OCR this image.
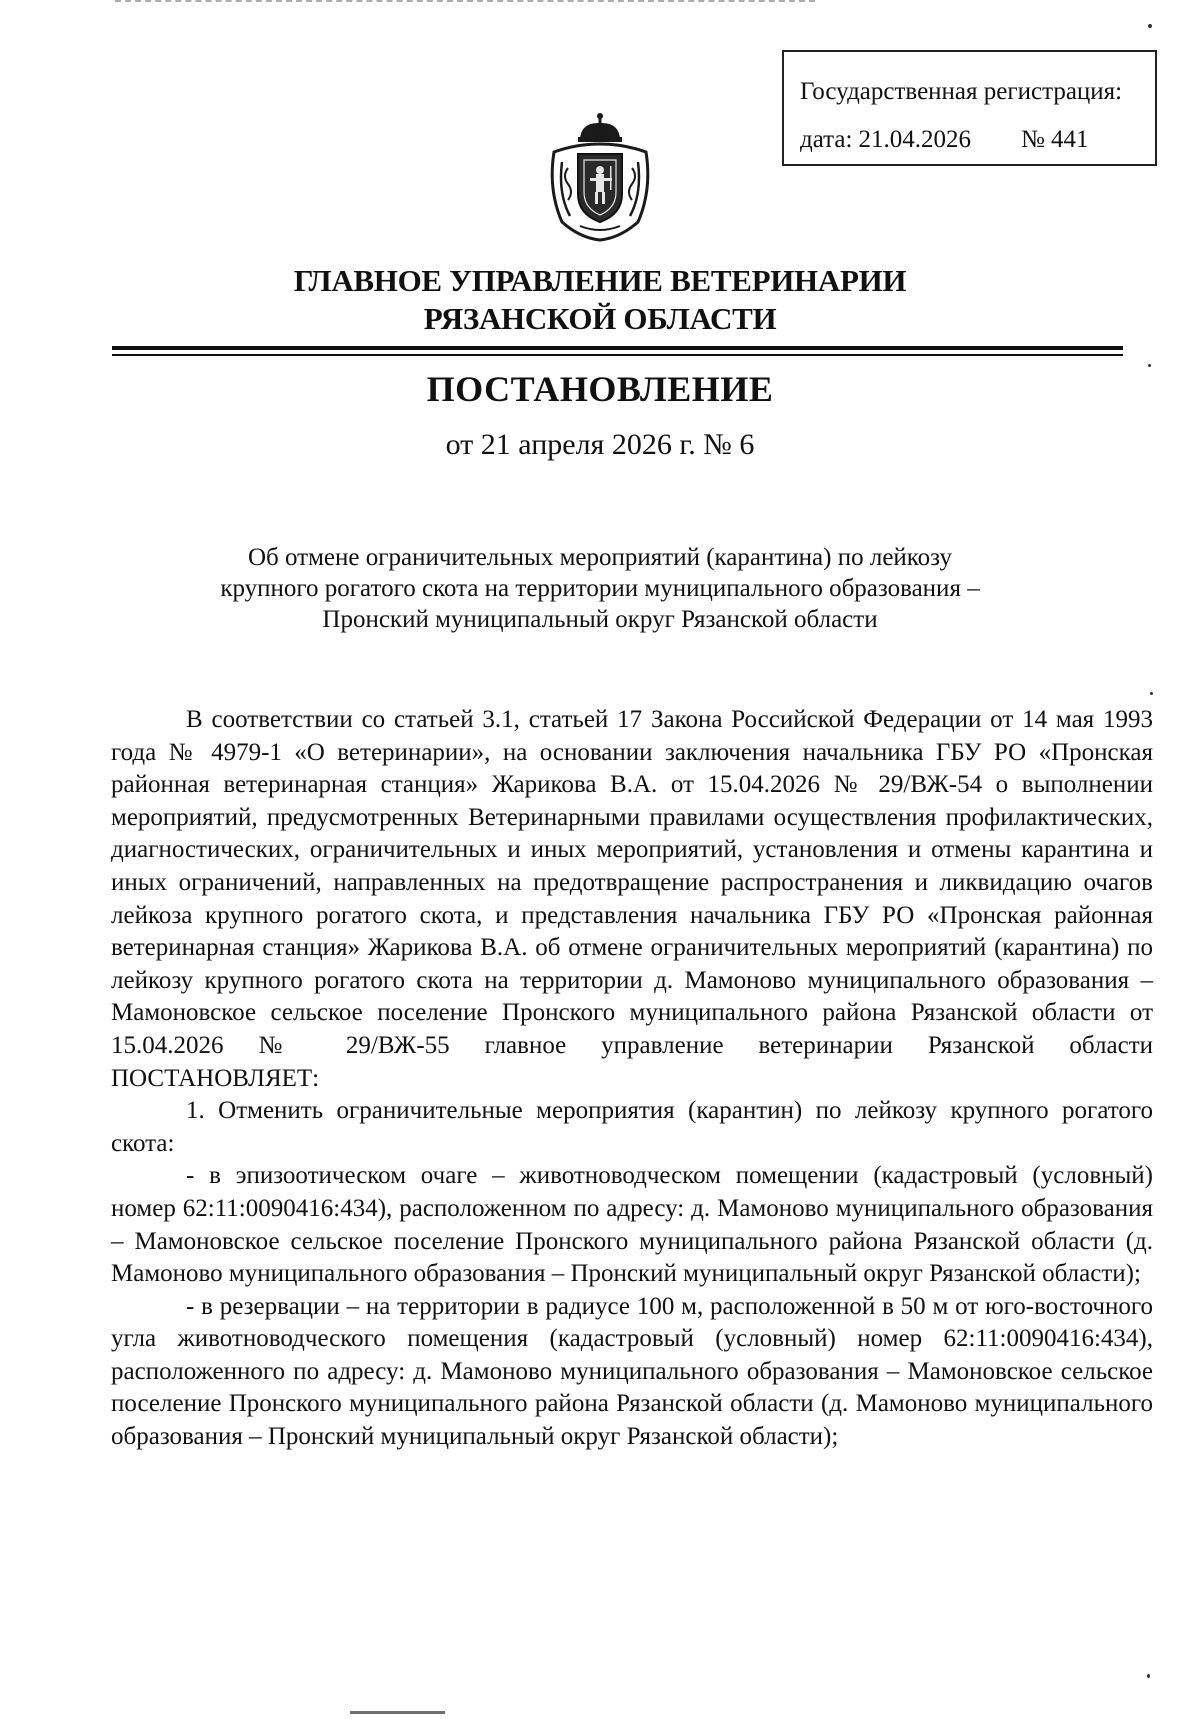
Государственная регистрация:
дата: 21.04.2026 № 441
ГЛАВНОЕ УПРАВЛЕНИЕ ВЕТЕРИНАРИИ
РЯЗАНСКОЙ ОБЛАСТИ
ПОСТАНОВЛЕНИЕ
от 21 апреля 2026 г. № 6
Об отмене ограничительных мероприятий (карантина) по лейкозу
крупного рогатого скота на территории муниципального образования –
Пронский муниципальный округ Рязанской области

В соответствии со статьей 3.1, статьей 17 Закона Российской Федерации от 14 мая 1993 года № 4979-1 «О ветеринарии», на основании заключения начальника ГБУ РО «Пронская районная ветеринарная станция» Жарикова В.А. от 15.04.2026 № 29/ВЖ-54 о выполнении мероприятий, предусмотренных Ветеринарными правилами осуществления профилактических, диагностических, ограничительных и иных мероприятий, установления и отмены карантина и иных ограничений, направленных на предотвращение распространения и ликвидацию очагов лейкоза крупного рогатого скота, и представления начальника ГБУ РО «Пронская районная ветеринарная станция» Жарикова В.А. об отмене ограничительных мероприятий (карантина) по лейкозу крупного рогатого скота на территории д. Мамоново муниципального образования – Мамоновское сельское поселение Пронского муниципального района Рязанской области от 15.04.2026 № 29/ВЖ-55 главное управление ветеринарии Рязанской области

ПОСТАНОВЛЯЕТ:

1. Отменить ограничительные мероприятия (карантин) по лейкозу крупного рогатого скота:

- в эпизоотическом очаге – животноводческом помещении (кадастровый (условный) номер 62:11:0090416:434), расположенном по адресу: д. Мамоново муниципального образования – Мамоновское сельское поселение Пронского муниципального района Рязанской области (д. Мамоново муниципального образования – Пронский муниципальный округ Рязанской области);

- в резервации – на территории в радиусе 100 м, расположенной в 50 м от юго-восточного угла животноводческого помещения (кадастровый (условный) номер 62:11:0090416:434), расположенного по адресу: д. Мамоново муниципального образования – Мамоновское сельское поселение Пронского муниципального района Рязанской области (д. Мамоново муниципального образования – Пронский муниципальный округ Рязанской области);
